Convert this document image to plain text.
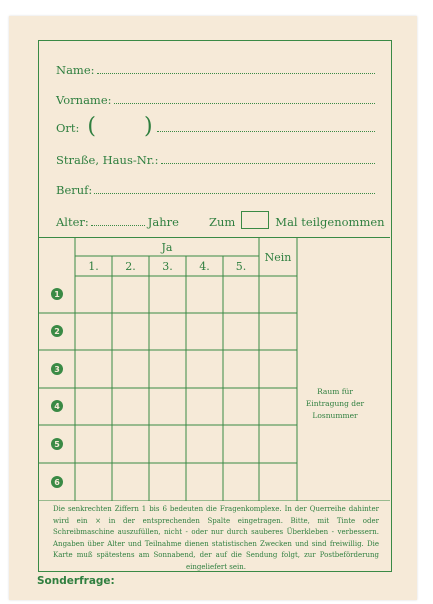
Name:
Vorname:
Ort: ( )
Straße, Haus-Nr.:
Beruf:
Alter:	Jahre	Zum	Mal teilgenommen
Ja
Nein
1.	2.	3.	4.	5.
1
2
3
4
5
6
Raum für Eintragung der Losnummer
Die senkrechten Ziffern 1 bis 6 bedeuten die Fragenkomplexe. In der Querreihe dahinter wird ein × in der entsprechenden Spalte eingetragen. Bitte, mit Tinte oder Schreibmaschine auszufüllen, nicht - oder nur durch sauberes Überkleben - verbessern. Angaben über Alter und Teilnahme dienen statistischen Zwecken und sind freiwillig. Die Karte muß spätestens am Sonnabend, der auf die Sendung folgt, zur Postbeförderung eingeliefert sein.
Sonderfrage:
